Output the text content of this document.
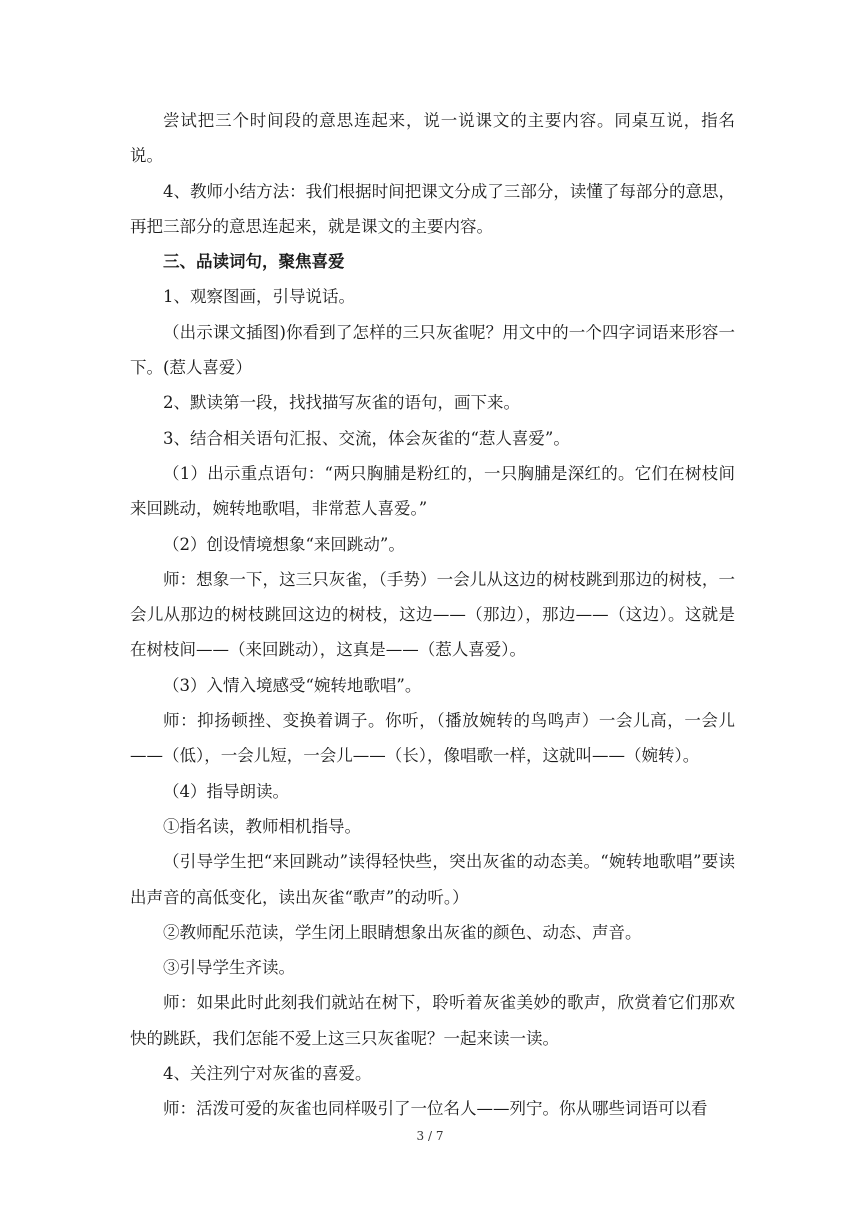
尝试把三个时间段的意思连起来，说一说课文的主要内容。同桌互说，指名说。

4、教师小结方法：我们根据时间把课文分成了三部分，读懂了每部分的意思，再把三部分的意思连起来，就是课文的主要内容。

三、品读词句，聚焦喜爱

1、观察图画，引导说话。

（出示课文插图)你看到了怎样的三只灰雀呢？用文中的一个四字词语来形容一下。(惹人喜爱）

2、默读第一段，找找描写灰雀的语句，画下来。

3、结合相关语句汇报、交流，体会灰雀的“惹人喜爱”。

（1）出示重点语句：“两只胸脯是粉红的，一只胸脯是深红的。它们在树枝间来回跳动，婉转地歌唱，非常惹人喜爱。”

（2）创设情境想象“来回跳动”。

师：想象一下，这三只灰雀，（手势）一会儿从这边的树枝跳到那边的树枝，一会儿从那边的树枝跳回这边的树枝，这边——（那边），那边——（这边）。这就是在树枝间——（来回跳动），这真是——（惹人喜爱）。

（3）入情入境感受“婉转地歌唱”。

师：抑扬顿挫、变换着调子。你听，（播放婉转的鸟鸣声）一会儿高，一会儿——（低），一会儿短，一会儿——（长），像唱歌一样，这就叫——（婉转）。

（4）指导朗读。

①指名读，教师相机指导。

（引导学生把“来回跳动”读得轻快些，突出灰雀的动态美。“婉转地歌唱”要读出声音的高低变化，读出灰雀“歌声”的动听。）

②教师配乐范读，学生闭上眼睛想象出灰雀的颜色、动态、声音。

③引导学生齐读。

师：如果此时此刻我们就站在树下，聆听着灰雀美妙的歌声，欣赏着它们那欢快的跳跃，我们怎能不爱上这三只灰雀呢？一起来读一读。

4、关注列宁对灰雀的喜爱。

师：活泼可爱的灰雀也同样吸引了一位名人——列宁。你从哪些词语可以看

3 / 7
